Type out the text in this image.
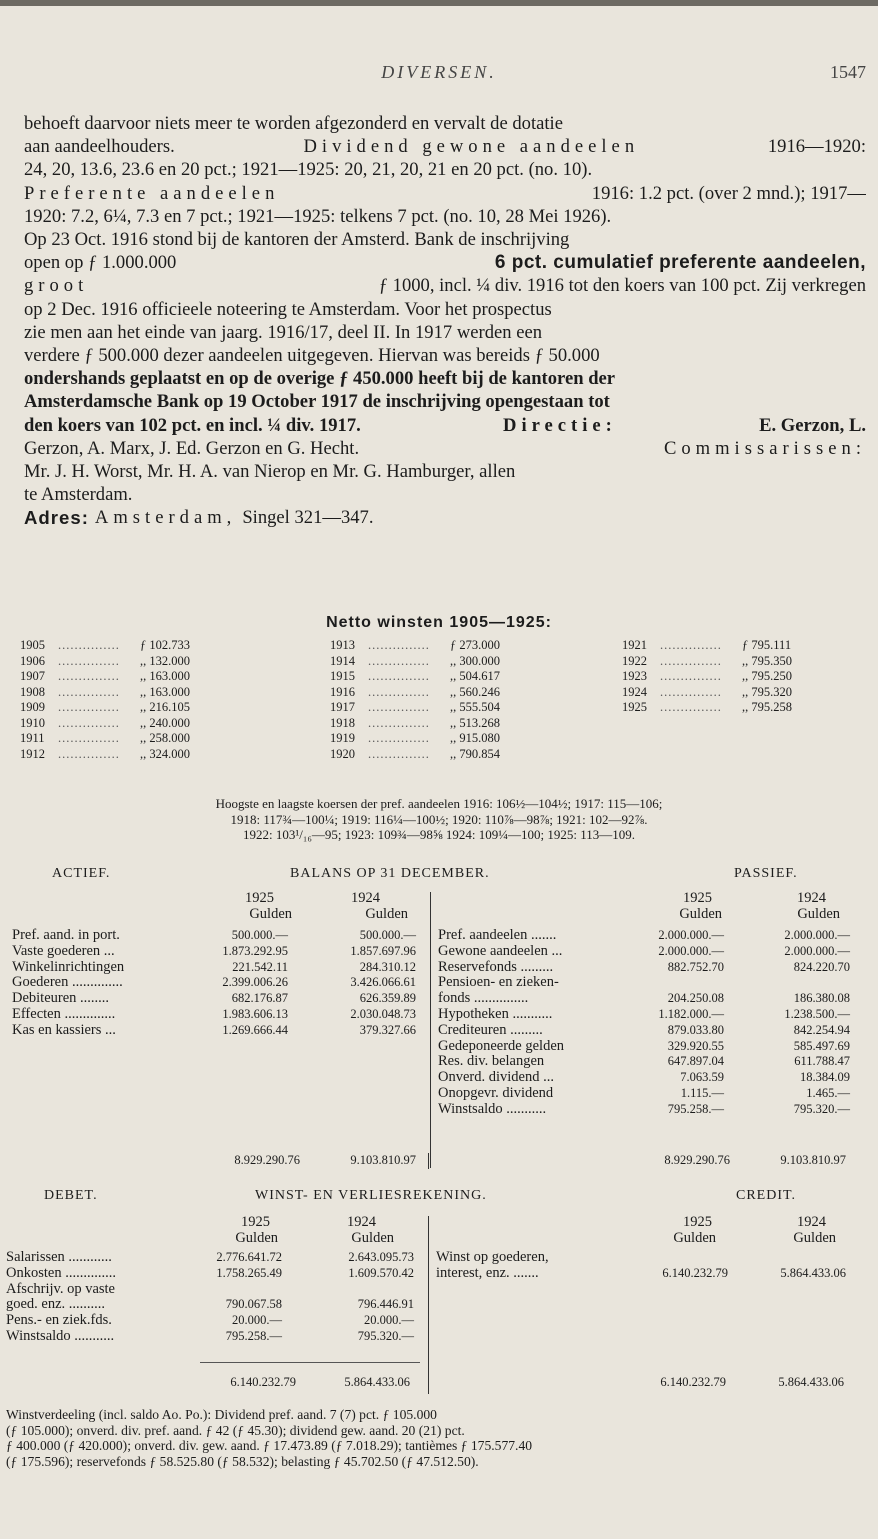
DIVERSEN.	1547
behoeft daarvoor niets meer te worden afgezonderd en vervalt de dotatie
aan aandeelhouders.	Dividend gewone aandeelen	1916—1920:
24, 20, 13.6, 23.6 en 20 pct.; 1921—1925: 20, 21, 20, 21 en 20 pct. (no. 10).
Preferente aandeelen	1916: 1.2 pct. (over 2 mnd.); 1917—
1920: 7.2, 6¼, 7.3 en 7 pct.; 1921—1925: telkens 7 pct. (no. 10, 28 Mei 1926).
Op 23 Oct. 1916 stond bij de kantoren der Amsterd. Bank de inschrijving
open op ƒ 1.000.000	6 pct. cumulatief preferente aandeelen,
groot	ƒ 1000, incl. ¼ div. 1916 tot den koers van 100 pct. Zij verkregen
op 2 Dec. 1916 officieele noteering te Amsterdam. Voor het prospectus
zie men aan het einde van jaarg. 1916/17, deel II. In 1917 werden een
verdere ƒ 500.000 dezer aandeelen uitgegeven. Hiervan was bereids ƒ 50.000
ondershands geplaatst en op de overige ƒ 450.000 heeft bij de kantoren der
Amsterdamsche Bank op 19 October 1917 de inschrijving opengestaan tot
den koers van 102 pct. en incl. ¼ div. 1917.	Directie:	E. Gerzon, L.
Gerzon, A. Marx, J. Ed. Gerzon en G. Hecht.	Commissarissen:
Mr. J. H. Worst, Mr. H. A. van Nierop en Mr. G. Hamburger, allen
te Amsterdam.
Adres: Amsterdam, Singel 321—347.
Netto winsten 1905—1925:
1905	...............	ƒ 102.733
1906	...............	,, 132.000
1907	...............	,, 163.000
1908	...............	,, 163.000
1909	...............	,, 216.105
1910	...............	,, 240.000
1911	...............	,, 258.000
1912	...............	,, 324.000
1913	...............	ƒ 273.000
1914	...............	,, 300.000
1915	...............	,, 504.617
1916	...............	,, 560.246
1917	...............	,, 555.504
1918	...............	,, 513.268
1919	...............	,, 915.080
1920	...............	,, 790.854
1921	...............	ƒ 795.111
1922	...............	,, 795.350
1923	...............	,, 795.250
1924	...............	,, 795.320
1925	...............	,, 795.258
Hoogste en laagste koersen der pref. aandeelen 1916: 106½—104½; 1917: 115—106;
1918: 117¾—100¼; 1919: 116¼—100½; 1920: 110⅞—98⅞; 1921: 102—92⅞.
1922: 103¹/₁₆—95; 1923: 109¾—98⅝ 1924: 109¼—100; 1925: 113—109.
ACTIEF.	BALANS OP 31 DECEMBER.	PASSIEF.
1925	1924	1925	1924
Gulden	Gulden	Gulden	Gulden
Pref. aand. in port.	500.000.—	500.000.—
Vaste goederen ...	1.873.292.95	1.857.697.96
Winkelinrichtingen	221.542.11	284.310.12
Goederen ..............	2.399.006.26	3.426.066.61
Debiteuren ........	682.176.87	626.359.89
Effecten ..............	1.983.606.13	2.030.048.73
Kas en kassiers ...	1.269.666.44	379.327.66
Pref. aandeelen .......	2.000.000.—	2.000.000.—
Gewone aandeelen ...	2.000.000.—	2.000.000.—
Reservefonds .........	882.752.70	824.220.70
Pensioen- en zieken-
fonds ...............	204.250.08	186.380.08
Hypotheken ...........	1.182.000.—	1.238.500.—
Crediteuren .........	879.033.80	842.254.94
Gedeponeerde gelden	329.920.55	585.497.69
Res. div. belangen	647.897.04	611.788.47
Onverd. dividend ...	7.063.59	18.384.09
Onopgevr. dividend	1.115.—	1.465.—
Winstsaldo ...........	795.258.—	795.320.—
8.929.290.76	9.103.810.97	8.929.290.76	9.103.810.97
DEBET.	WINST- EN VERLIESREKENING.	CREDIT.
1925	1924	1925	1924
Gulden	Gulden	Gulden	Gulden
Salarissen ............	2.776.641.72	2.643.095.73
Onkosten ..............	1.758.265.49	1.609.570.42
Afschrijv. op vaste
goed. enz. ..........	790.067.58	796.446.91
Pens.- en ziek.fds.	20.000.—	20.000.—
Winstsaldo ...........	795.258.—	795.320.—
Winst op goederen,
interest, enz. .......	6.140.232.79	5.864.433.06
6.140.232.79	5.864.433.06	6.140.232.79	5.864.433.06
Winstverdeeling (incl. saldo Ao. Po.): Dividend pref. aand. 7 (7) pct. ƒ 105.000
(ƒ 105.000); onverd. div. pref. aand. ƒ 42 (ƒ 45.30); dividend gew. aand. 20 (21) pct.
ƒ 400.000 (ƒ 420.000); onverd. div. gew. aand. ƒ 17.473.89 (ƒ 7.018.29); tantièmes ƒ 175.577.40
(ƒ 175.596); reservefonds ƒ 58.525.80 (ƒ 58.532); belasting ƒ 45.702.50 (ƒ 47.512.50).
